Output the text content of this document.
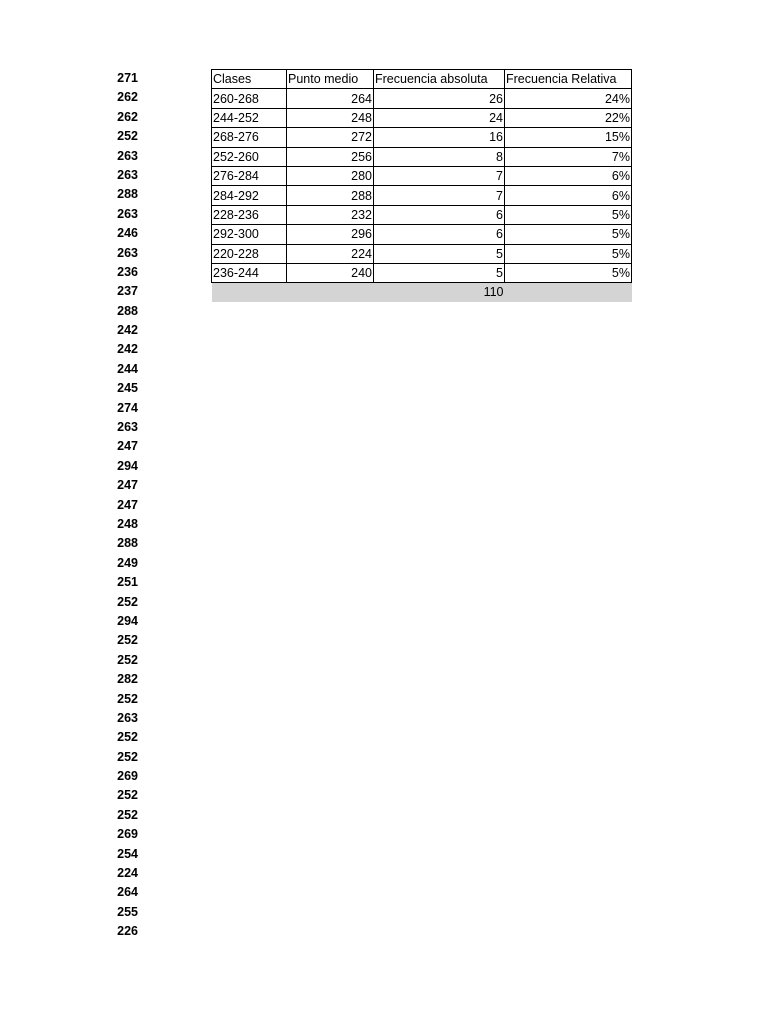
271
262
262
252
263
263
288
263
246
263
236
237
288
242
242
244
245
274
263
247
294
247
247
248
288
249
251
252
294
252
252
282
252
263
252
252
269
252
252
269
254
224
264
255
226
Clases	Punto medio	Frecuencia absoluta	Frecuencia Relativa
260-268	264	26	24%
244-252	248	24	22%
268-276	272	16	15%
252-260	256	8	7%
276-284	280	7	6%
284-292	288	7	6%
228-236	232	6	5%
292-300	296	6	5%
220-228	224	5	5%
236-244	240	5	5%
		110	
